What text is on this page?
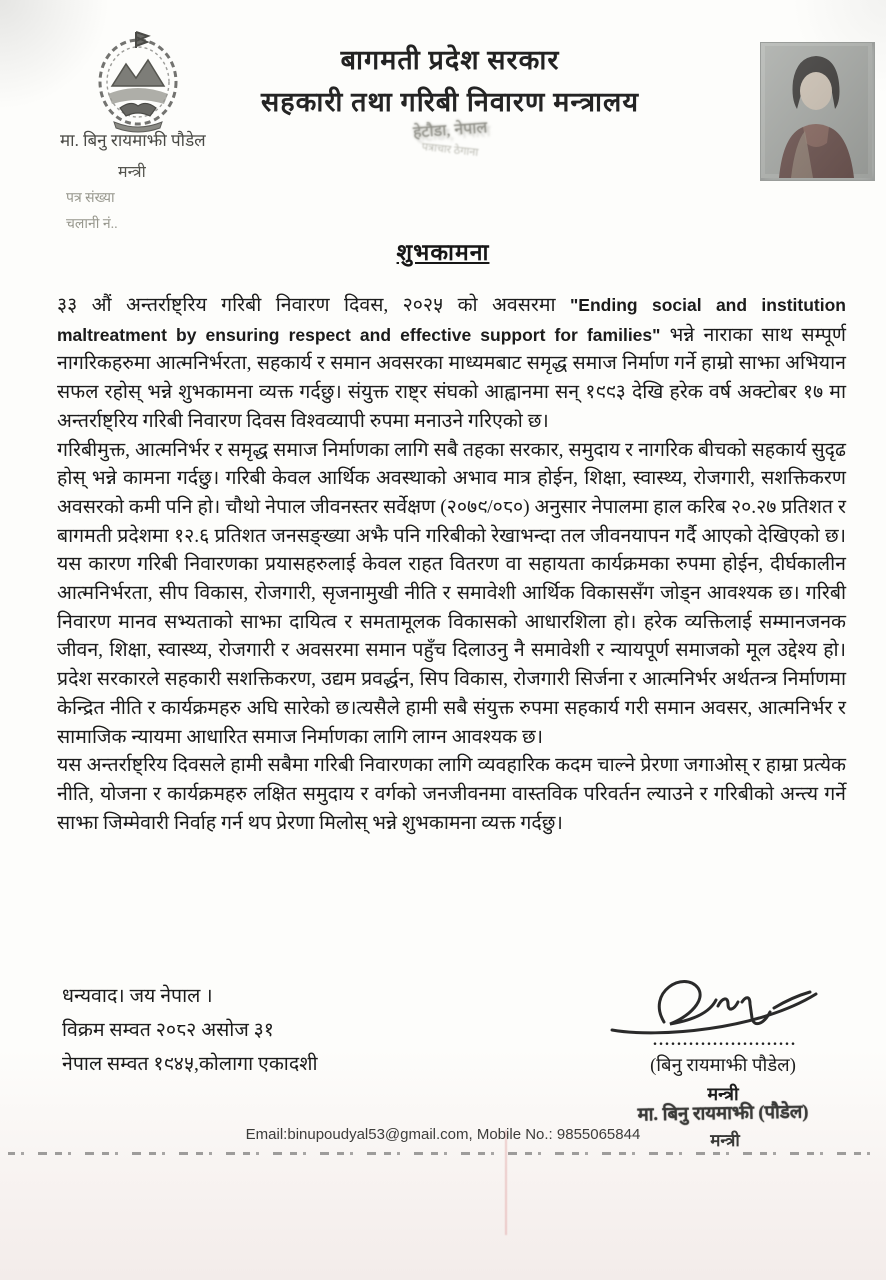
बागमती प्रदेश सरकार
सहकारी तथा गरिबी निवारण मन्त्रालय
हेटौडा, नेपाल
पत्राचार ठेगाना
मा. बिनु रायमाझी पौडेल
मन्त्री
पत्र संख्या
चलानी नं..
शुभकामना

३३ औं अन्तर्राष्ट्रिय गरिबी निवारण दिवस, २०२५ को अवसरमा "Ending social and institution maltreatment by ensuring respect and effective support for families" भन्ने नाराका साथ सम्पूर्ण नागरिकहरुमा आत्मनिर्भरता, सहकार्य र समान अवसरका माध्यमबाट समृद्ध समाज निर्माण गर्ने हाम्रो साझा अभियान सफल रहोस् भन्ने शुभकामना व्यक्त गर्दछु। संयुक्त राष्ट्र संघको आह्वानमा सन् १९९३ देखि हरेक वर्ष अक्टोबर १७ मा अन्तर्राष्ट्रिय गरिबी निवारण दिवस विश्वव्यापी रुपमा मनाउने गरिएको छ।

गरिबीमुक्त, आत्मनिर्भर र समृद्ध समाज निर्माणका लागि सबै तहका सरकार, समुदाय र नागरिक बीचको सहकार्य सुदृढ होस् भन्ने कामना गर्दछु। गरिबी केवल आर्थिक अवस्थाको अभाव मात्र होईन, शिक्षा, स्वास्थ्य, रोजगारी, सशक्तिकरण अवसरको कमी पनि हो। चौथो नेपाल जीवनस्तर सर्वेक्षण (२०७९/०८०) अनुसार नेपालमा हाल करिब २०.२७ प्रतिशत र बागमती प्रदेशमा १२.६ प्रतिशत जनसङ्ख्या अझै पनि गरिबीको रेखाभन्दा तल जीवनयापन गर्दै आएको देखिएको छ। यस कारण गरिबी निवारणका प्रयासहरुलाई केवल राहत वितरण वा सहायता कार्यक्रमका रुपमा होईन, दीर्घकालीन आत्मनिर्भरता, सीप विकास, रोजगारी, सृजनामुखी नीति र समावेशी आर्थिक विकाससँग जोड्न आवश्यक छ। गरिबी निवारण मानव सभ्यताको साझा दायित्व र समतामूलक विकासको आधारशिला हो। हरेक व्यक्तिलाई सम्मानजनक जीवन, शिक्षा, स्वास्थ्य, रोजगारी र अवसरमा समान पहुँच दिलाउनु नै समावेशी र न्यायपूर्ण समाजको मूल उद्देश्य हो। प्रदेश सरकारले सहकारी सशक्तिकरण, उद्यम प्रवर्द्धन, सिप विकास, रोजगारी सिर्जना र आत्मनिर्भर अर्थतन्त्र निर्माणमा केन्द्रित नीति र कार्यक्रमहरु अघि सारेको छ।त्यसैले हामी सबै संयुक्त रुपमा सहकार्य गरी समान अवसर, आत्मनिर्भर र सामाजिक न्यायमा आधारित समाज निर्माणका लागि लाग्न आवश्यक छ।

यस अन्तर्राष्ट्रिय दिवसले हामी सबैमा गरिबी निवारणका लागि व्यवहारिक कदम चाल्ने प्रेरणा जगाओस् र हाम्रा प्रत्येक नीति, योजना र कार्यक्रमहरु लक्षित समुदाय र वर्गको जनजीवनमा वास्तविक परिवर्तन ल्याउने र गरिबीको अन्त्य गर्ने साझा जिम्मेवारी निर्वाह गर्न थप प्रेरणा मिलोस् भन्ने शुभकामना व्यक्त गर्दछु।

धन्यवाद। जय नेपाल ।
विक्रम सम्वत २०८२ असोज ३१
नेपाल सम्वत १९४५,कोलागा एकादशी
........................
(बिनु रायमाझी पौडेल)
मन्त्री
मा. बिनु रायमाझी (पौडेल)
मन्त्री
Email:binupoudyal53@gmail.com, Mobile No.: 9855065844
